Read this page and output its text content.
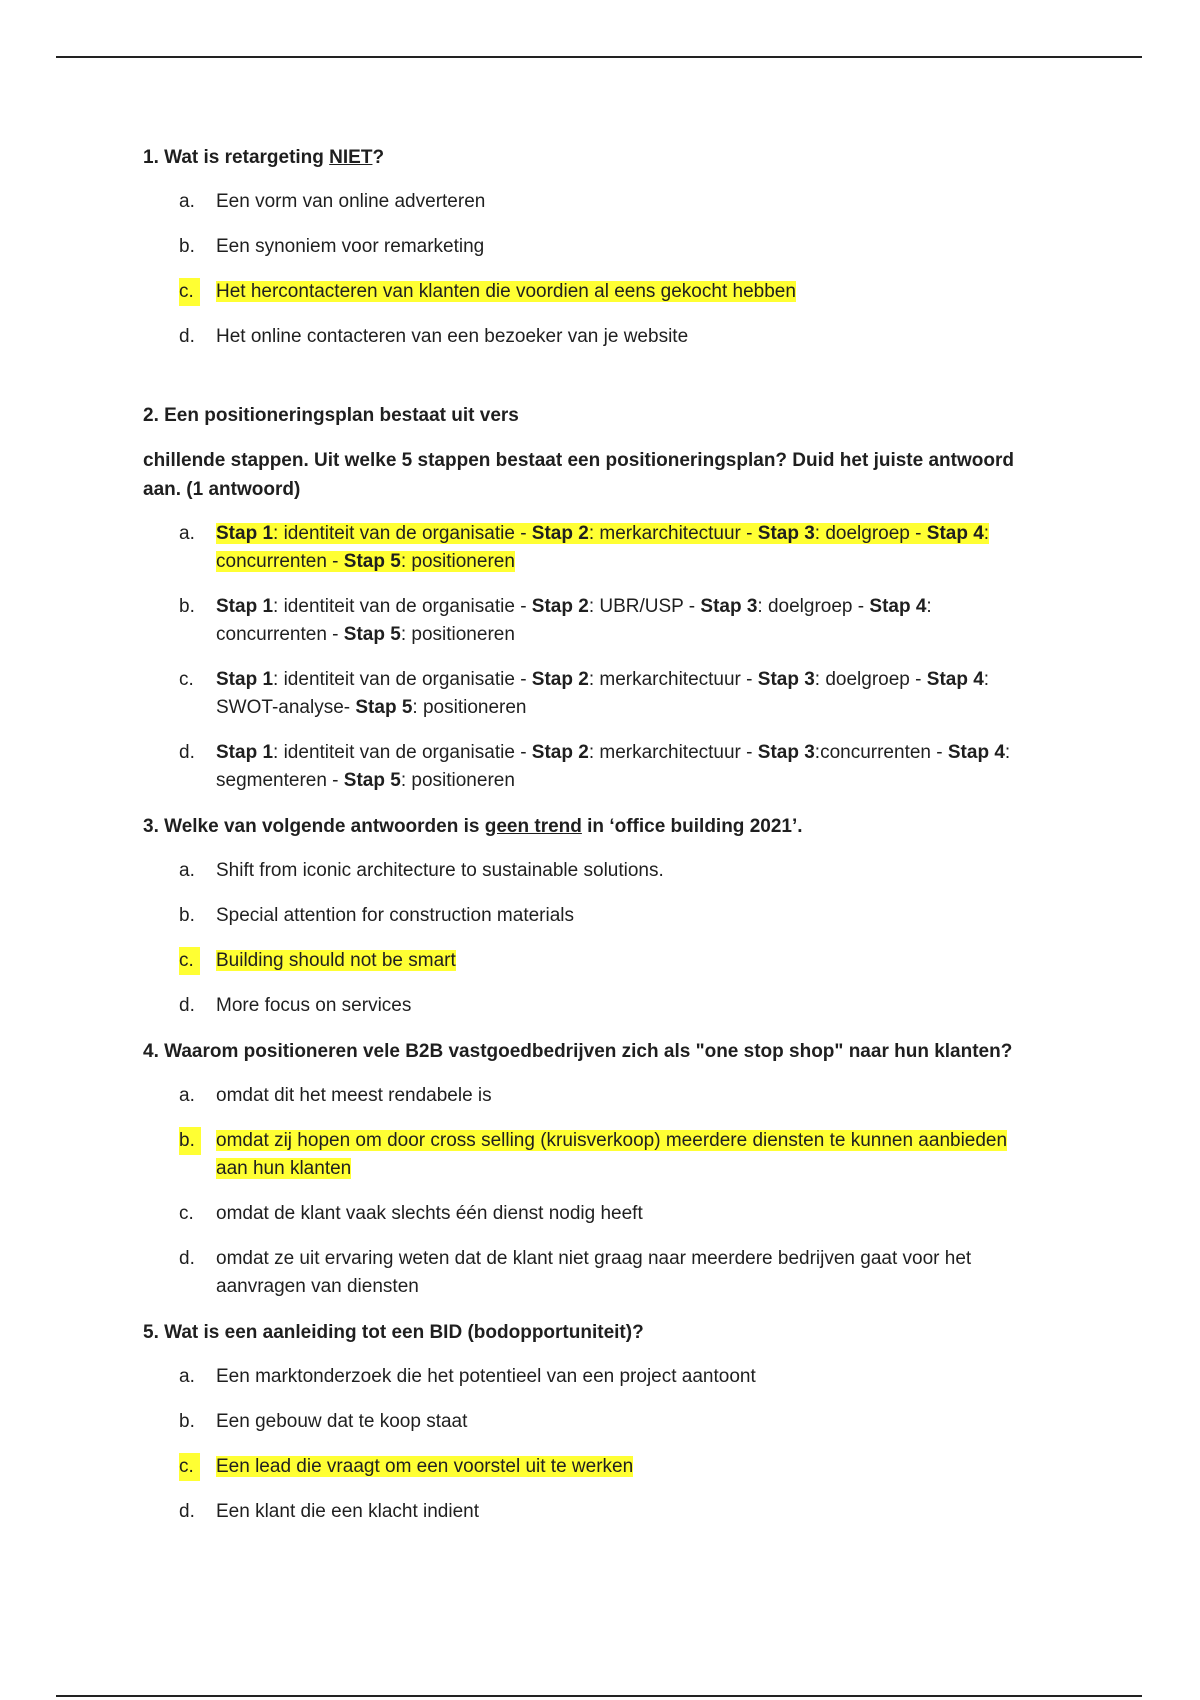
1. Wat is retargeting NIET?
a. Een vorm van online adverteren
b. Een synoniem voor remarketing
c.	Het hercontacteren van klanten die voordien al eens gekocht hebben
d. Het online contacteren van een bezoeker van je website
2. Een positioneringsplan bestaat uit vers
chillende stappen. Uit welke 5 stappen bestaat een positioneringsplan? Duid het juiste antwoord aan. (1 antwoord)
a. Stap 1: identiteit van de organisatie - Stap 2: merkarchitectuur - Stap 3: doelgroep - Stap 4: concurrenten - Stap 5: positioneren
b. Stap 1: identiteit van de organisatie - Stap 2: UBR/USP - Stap 3: doelgroep - Stap 4: concurrenten - Stap 5: positioneren
c. Stap 1: identiteit van de organisatie - Stap 2: merkarchitectuur - Stap 3: doelgroep - Stap 4: SWOT-analyse- Stap 5: positioneren
d. Stap 1: identiteit van de organisatie - Stap 2: merkarchitectuur - Stap 3:concurrenten - Stap 4: segmenteren - Stap 5: positioneren
3. Welke van volgende antwoorden is geen trend in ‘office building 2021’.
a. Shift from iconic architecture to sustainable solutions.
b. Special attention for construction materials
c.	Building should not be smart
d. More focus on services
4. Waarom positioneren vele B2B vastgoedbedrijven zich als "one stop shop" naar hun klanten?
a. omdat dit het meest rendabele is
b.	omdat zij hopen om door cross selling (kruisverkoop) meerdere diensten te kunnen aanbieden aan hun klanten
c. omdat de klant vaak slechts één dienst nodig heeft
d. omdat ze uit ervaring weten dat de klant niet graag naar meerdere bedrijven gaat voor het aanvragen van diensten
5. Wat is een aanleiding tot een BID (bodopportuniteit)?
a. Een marktonderzoek die het potentieel van een project aantoont
b. Een gebouw dat te koop staat
c.	Een lead die vraagt om een voorstel uit te werken
d. Een klant die een klacht indient
